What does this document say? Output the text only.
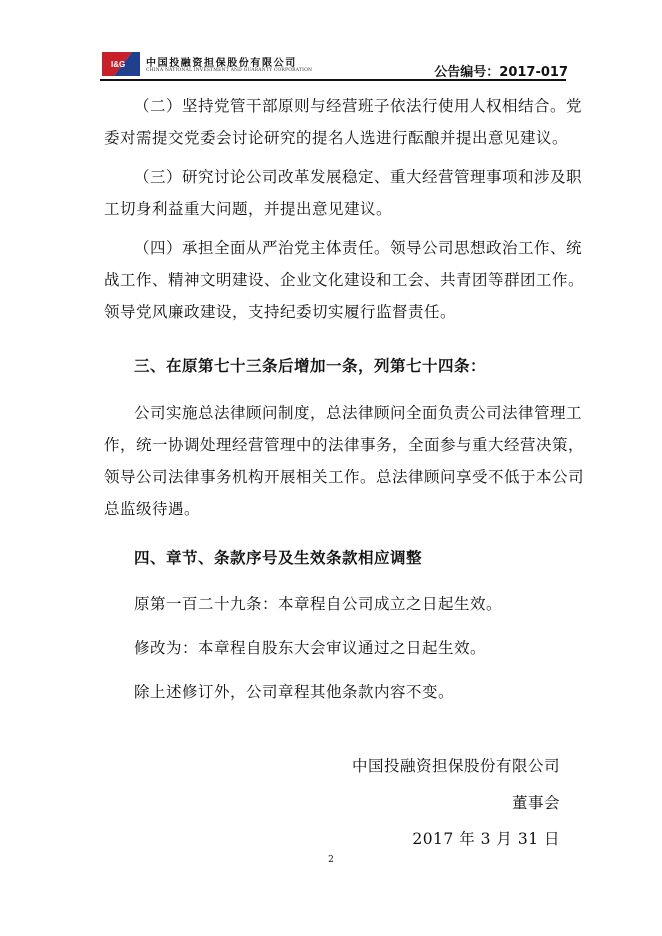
I&G 中国投融资担保股份有限公司
CHINA NATIONAL INVESTMENT AND GUARANTY CORPORATION	公告编号：2017-017
（二）坚持党管干部原则与经营班子依法行使用人权相结合。党
委对需提交党委会讨论研究的提名人选进行酝酿并提出意见建议。
（三）研究讨论公司改革发展稳定、重大经营管理事项和涉及职
工切身利益重大问题，并提出意见建议。
（四）承担全面从严治党主体责任。领导公司思想政治工作、统
战工作、精神文明建设、企业文化建设和工会、共青团等群团工作。
领导党风廉政建设，支持纪委切实履行监督责任。
三、在原第七十三条后增加一条，列第七十四条：
公司实施总法律顾问制度，总法律顾问全面负责公司法律管理工
作，统一协调处理经营管理中的法律事务，全面参与重大经营决策，
领导公司法律事务机构开展相关工作。总法律顾问享受不低于本公司
总监级待遇。
四、章节、条款序号及生效条款相应调整
原第一百二十九条：本章程自公司成立之日起生效。
修改为：本章程自股东大会审议通过之日起生效。
除上述修订外，公司章程其他条款内容不变。
中国投融资担保股份有限公司
董事会
2017 年 3 月 31 日
2
